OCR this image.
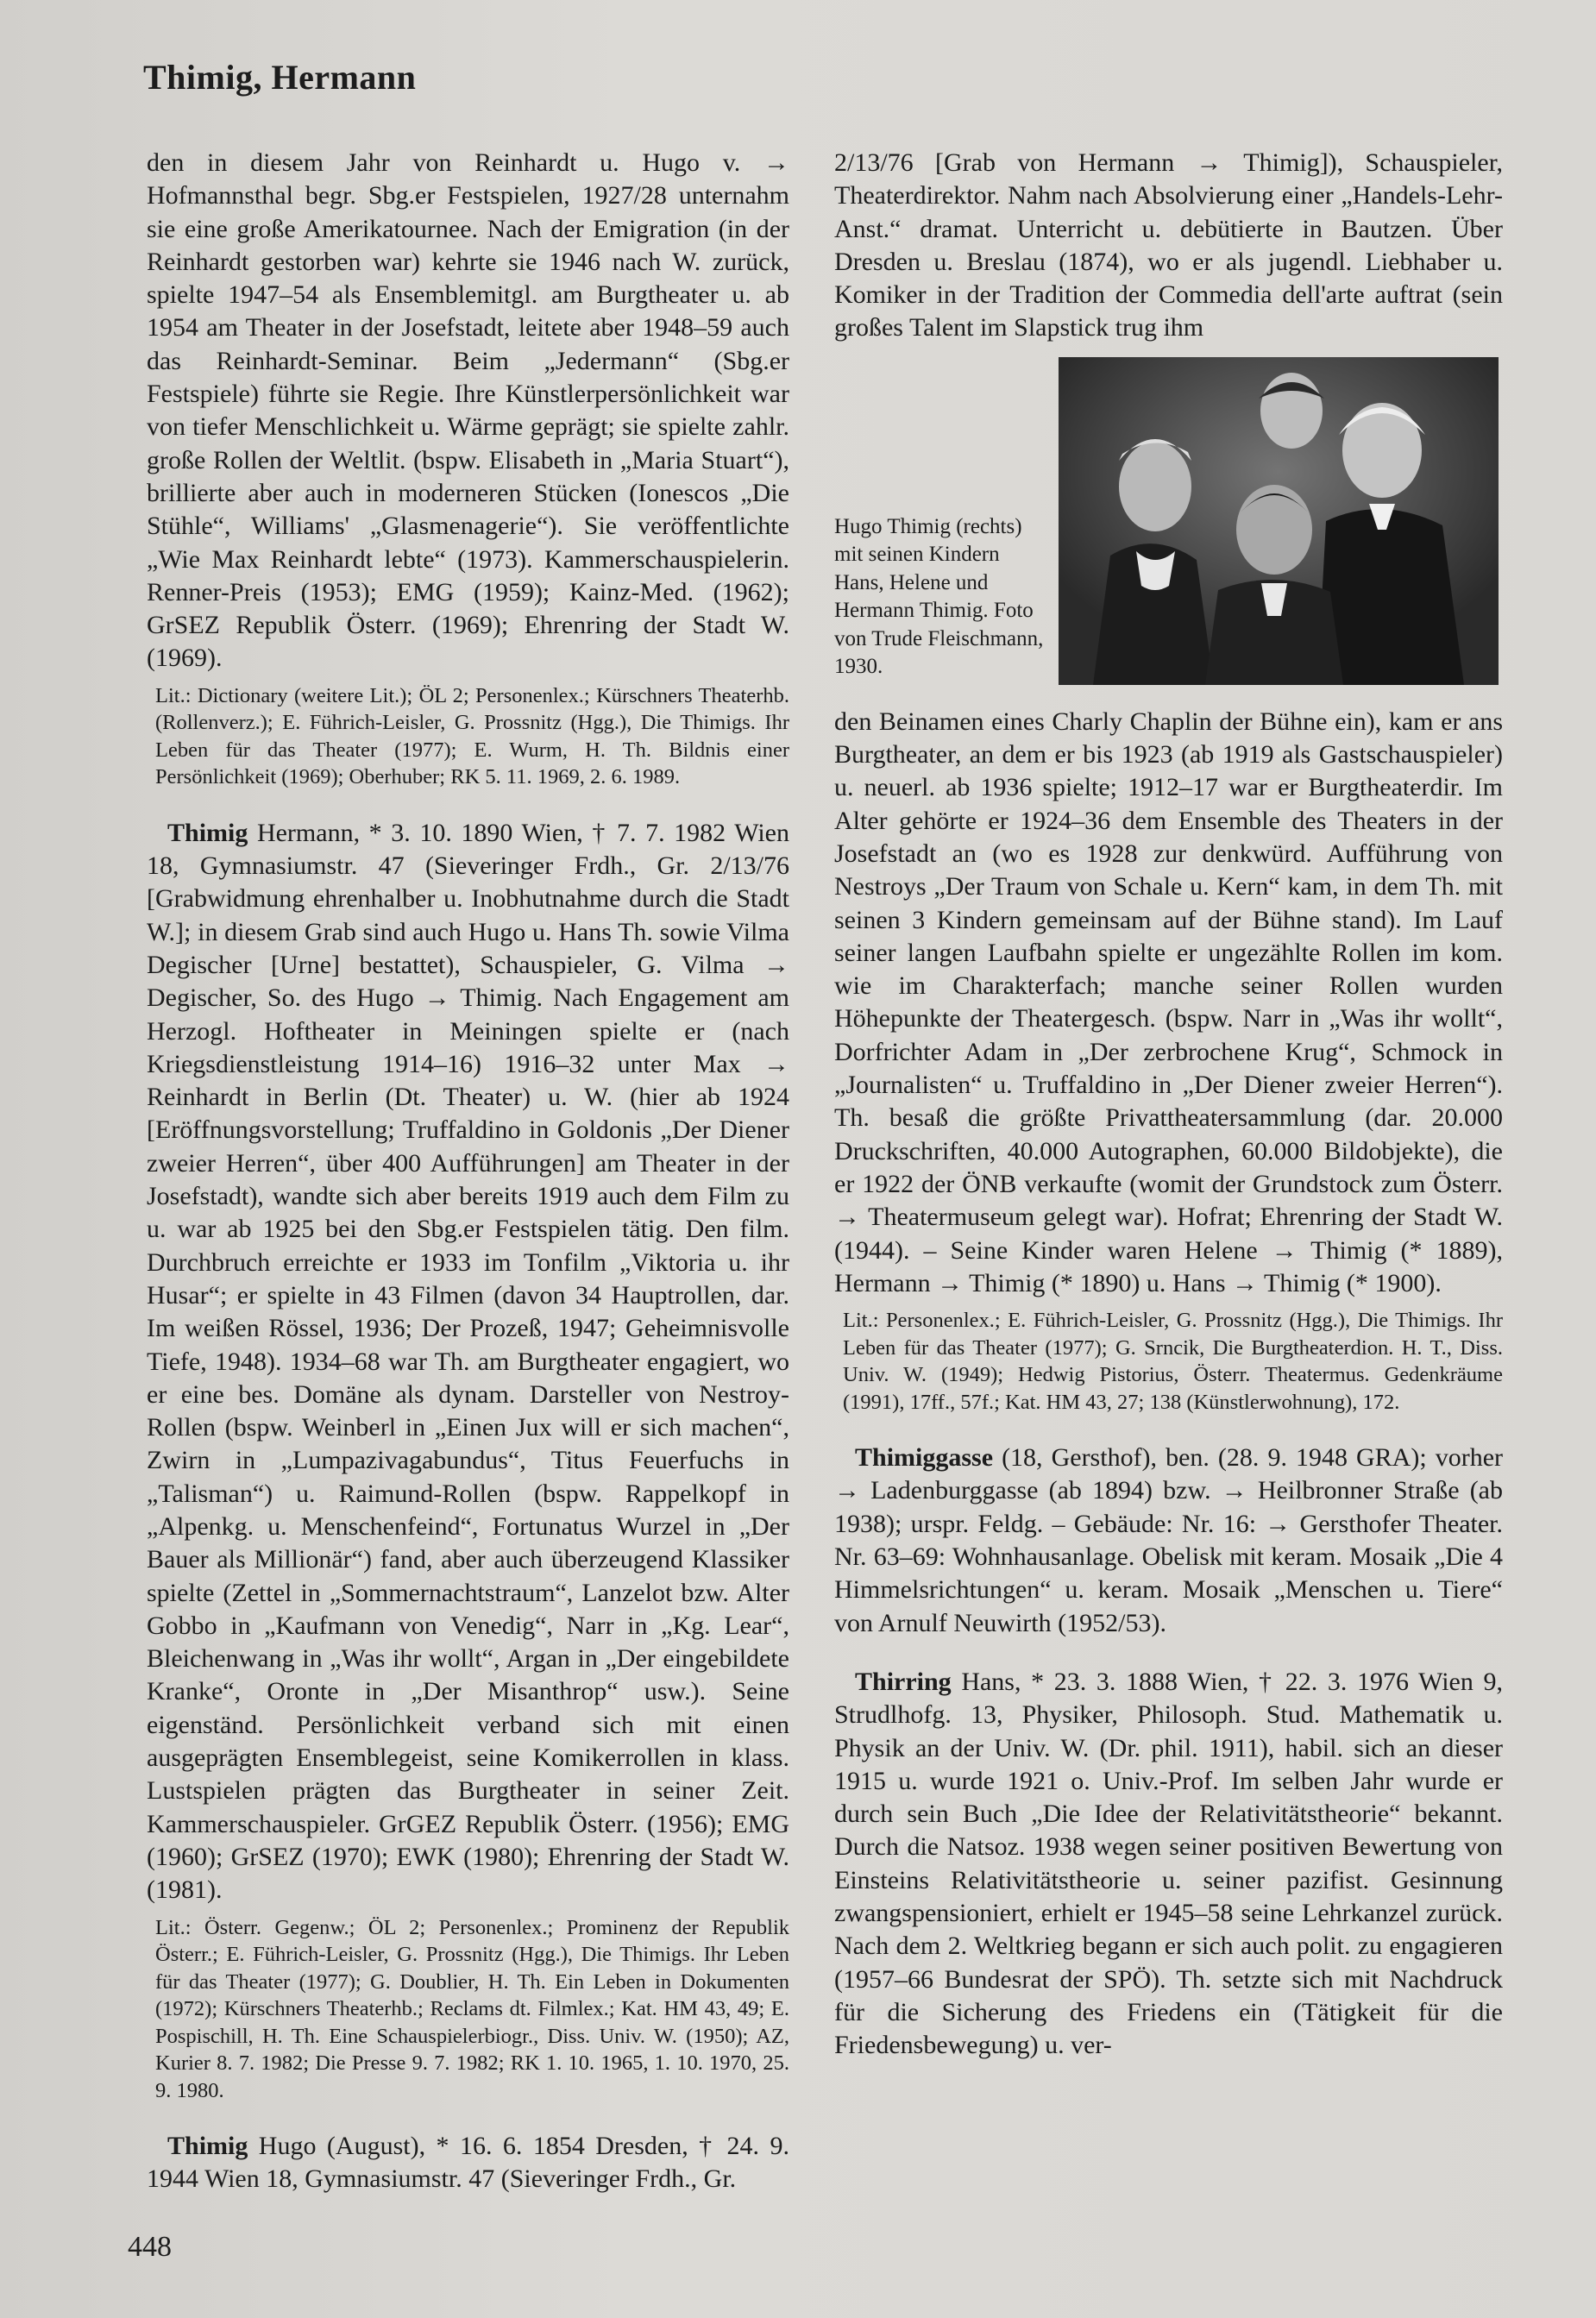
Thimig, Hermann

den in diesem Jahr von Reinhardt u. Hugo v. → Hofmannsthal begr. Sbg.er Festspielen, 1927/28 unternahm sie eine große Amerikatournee. Nach der Emigration (in der Reinhardt gestorben war) kehrte sie 1946 nach W. zurück, spielte 1947–54 als Ensemblemitgl. am Burgtheater u. ab 1954 am Theater in der Josefstadt, leitete aber 1948–59 auch das Reinhardt-Seminar. Beim „Jedermann“ (Sbg.er Festspiele) führte sie Regie. Ihre Künstlerpersönlichkeit war von tiefer Menschlichkeit u. Wärme geprägt; sie spielte zahlr. große Rollen der Weltlit. (bspw. Elisabeth in „Maria Stuart“), brillierte aber auch in moderneren Stücken (Ionescos „Die Stühle“, Williams' „Glasmenagerie“). Sie veröffentlichte „Wie Max Reinhardt lebte“ (1973). Kammerschauspielerin. Renner-Preis (1953); EMG (1959); Kainz-Med. (1962); GrSEZ Republik Österr. (1969); Ehrenring der Stadt W. (1969).

Lit.: Dictionary (weitere Lit.); ÖL 2; Personenlex.; Kürschners Theaterhb. (Rollenverz.); E. Führich-Leisler, G. Prossnitz (Hgg.), Die Thimigs. Ihr Leben für das Theater (1977); E. Wurm, H. Th. Bildnis einer Persönlichkeit (1969); Oberhuber; RK 5. 11. 1969, 2. 6. 1989.

Thimig Hermann, * 3. 10. 1890 Wien, † 7. 7. 1982 Wien 18, Gymnasiumstr. 47 (Sieveringer Frdh., Gr. 2/13/76 [Grabwidmung ehrenhalber u. Inobhutnahme durch die Stadt W.]; in diesem Grab sind auch Hugo u. Hans Th. sowie Vilma Degischer [Urne] bestattet), Schauspieler, G. Vilma → Degischer, So. des Hugo → Thimig. Nach Engagement am Herzogl. Hoftheater in Meiningen spielte er (nach Kriegsdienstleistung 1914–16) 1916–32 unter Max → Reinhardt in Berlin (Dt. Theater) u. W. (hier ab 1924 [Eröffnungsvorstellung; Truffaldino in Goldonis „Der Diener zweier Herren“, über 400 Aufführungen] am Theater in der Josefstadt), wandte sich aber bereits 1919 auch dem Film zu u. war ab 1925 bei den Sbg.er Festspielen tätig. Den film. Durchbruch erreichte er 1933 im Tonfilm „Viktoria u. ihr Husar“; er spielte in 43 Filmen (davon 34 Hauptrollen, dar. Im weißen Rössel, 1936; Der Prozeß, 1947; Geheimnisvolle Tiefe, 1948). 1934–68 war Th. am Burgtheater engagiert, wo er eine bes. Domäne als dynam. Darsteller von Nestroy-Rollen (bspw. Weinberl in „Einen Jux will er sich machen“, Zwirn in „Lumpazivagabundus“, Titus Feuerfuchs in „Talisman“) u. Raimund-Rollen (bspw. Rappelkopf in „Alpenkg. u. Menschenfeind“, Fortunatus Wurzel in „Der Bauer als Millionär“) fand, aber auch überzeugend Klassiker spielte (Zettel in „Sommernachtstraum“, Lanzelot bzw. Alter Gobbo in „Kaufmann von Venedig“, Narr in „Kg. Lear“, Bleichenwang in „Was ihr wollt“, Argan in „Der eingebildete Kranke“, Oronte in „Der Misanthrop“ usw.). Seine eigenständ. Persönlichkeit verband sich mit einen ausgeprägten Ensemblegeist, seine Komikerrollen in klass. Lustspielen prägten das Burgtheater in seiner Zeit. Kammerschauspieler. GrGEZ Republik Österr. (1956); EMG (1960); GrSEZ (1970); EWK (1980); Ehrenring der Stadt W. (1981).

Lit.: Österr. Gegenw.; ÖL 2; Personenlex.; Prominenz der Republik Österr.; E. Führich-Leisler, G. Prossnitz (Hgg.), Die Thimigs. Ihr Leben für das Theater (1977); G. Doublier, H. Th. Ein Leben in Dokumenten (1972); Kürschners Theaterhb.; Reclams dt. Filmlex.; Kat. HM 43, 49; E. Pospischill, H. Th. Eine Schauspielerbiogr., Diss. Univ. W. (1950); AZ, Kurier 8. 7. 1982; Die Presse 9. 7. 1982; RK 1. 10. 1965, 1. 10. 1970, 25. 9. 1980.

Thimig Hugo (August), * 16. 6. 1854 Dresden, † 24. 9. 1944 Wien 18, Gymnasiumstr. 47 (Sieveringer Frdh., Gr.

2/13/76 [Grab von Hermann → Thimig]), Schauspieler, Theaterdirektor. Nahm nach Absolvierung einer „Handels-Lehr-Anst.“ dramat. Unterricht u. debütierte in Bautzen. Über Dresden u. Breslau (1874), wo er als jugendl. Liebhaber u. Komiker in der Tradition der Commedia dell'arte auftrat (sein großes Talent im Slapstick trug ihm

Hugo Thimig (rechts) mit seinen Kindern Hans, Helene und Hermann Thimig. Foto von Trude Fleischmann, 1930.

den Beinamen eines Charly Chaplin der Bühne ein), kam er ans Burgtheater, an dem er bis 1923 (ab 1919 als Gastschauspieler) u. neuerl. ab 1936 spielte; 1912–17 war er Burgtheaterdir. Im Alter gehörte er 1924–36 dem Ensemble des Theaters in der Josefstadt an (wo es 1928 zur denkwürd. Aufführung von Nestroys „Der Traum von Schale u. Kern“ kam, in dem Th. mit seinen 3 Kindern gemeinsam auf der Bühne stand). Im Lauf seiner langen Laufbahn spielte er ungezählte Rollen im kom. wie im Charakterfach; manche seiner Rollen wurden Höhepunkte der Theatergesch. (bspw. Narr in „Was ihr wollt“, Dorfrichter Adam in „Der zerbrochene Krug“, Schmock in „Journalisten“ u. Truffaldino in „Der Diener zweier Herren“). Th. besaß die größte Privattheatersammlung (dar. 20.000 Druckschriften, 40.000 Autographen, 60.000 Bildobjekte), die er 1922 der ÖNB verkaufte (womit der Grundstock zum Österr. → Theatermuseum gelegt war). Hofrat; Ehrenring der Stadt W. (1944). – Seine Kinder waren Helene → Thimig (* 1889), Hermann → Thimig (* 1890) u. Hans → Thimig (* 1900).

Lit.: Personenlex.; E. Führich-Leisler, G. Prossnitz (Hgg.), Die Thimigs. Ihr Leben für das Theater (1977); G. Srncik, Die Burgtheaterdion. H. T., Diss. Univ. W. (1949); Hedwig Pistorius, Österr. Theatermus. Gedenkräume (1991), 17ff., 57f.; Kat. HM 43, 27; 138 (Künstlerwohnung), 172.

Thimiggasse (18, Gersthof), ben. (28. 9. 1948 GRA); vorher → Ladenburggasse (ab 1894) bzw. → Heilbronner Straße (ab 1938); urspr. Feldg. – Gebäude: Nr. 16: → Gersthofer Theater. Nr. 63–69: Wohnhausanlage. Obelisk mit keram. Mosaik „Die 4 Himmelsrichtungen“ u. keram. Mosaik „Menschen u. Tiere“ von Arnulf Neuwirth (1952/53).

Thirring Hans, * 23. 3. 1888 Wien, † 22. 3. 1976 Wien 9, Strudlhofg. 13, Physiker, Philosoph. Stud. Mathematik u. Physik an der Univ. W. (Dr. phil. 1911), habil. sich an dieser 1915 u. wurde 1921 o. Univ.-Prof. Im selben Jahr wurde er durch sein Buch „Die Idee der Relativitätstheorie“ bekannt. Durch die Natsoz. 1938 wegen seiner positiven Bewertung von Einsteins Relativitätstheorie u. seiner pazifist. Gesinnung zwangspensioniert, erhielt er 1945–58 seine Lehrkanzel zurück. Nach dem 2. Weltkrieg begann er sich auch polit. zu engagieren (1957–66 Bundesrat der SPÖ). Th. setzte sich mit Nachdruck für die Sicherung des Friedens ein (Tätigkeit für die Friedensbewegung) u. ver-

448
